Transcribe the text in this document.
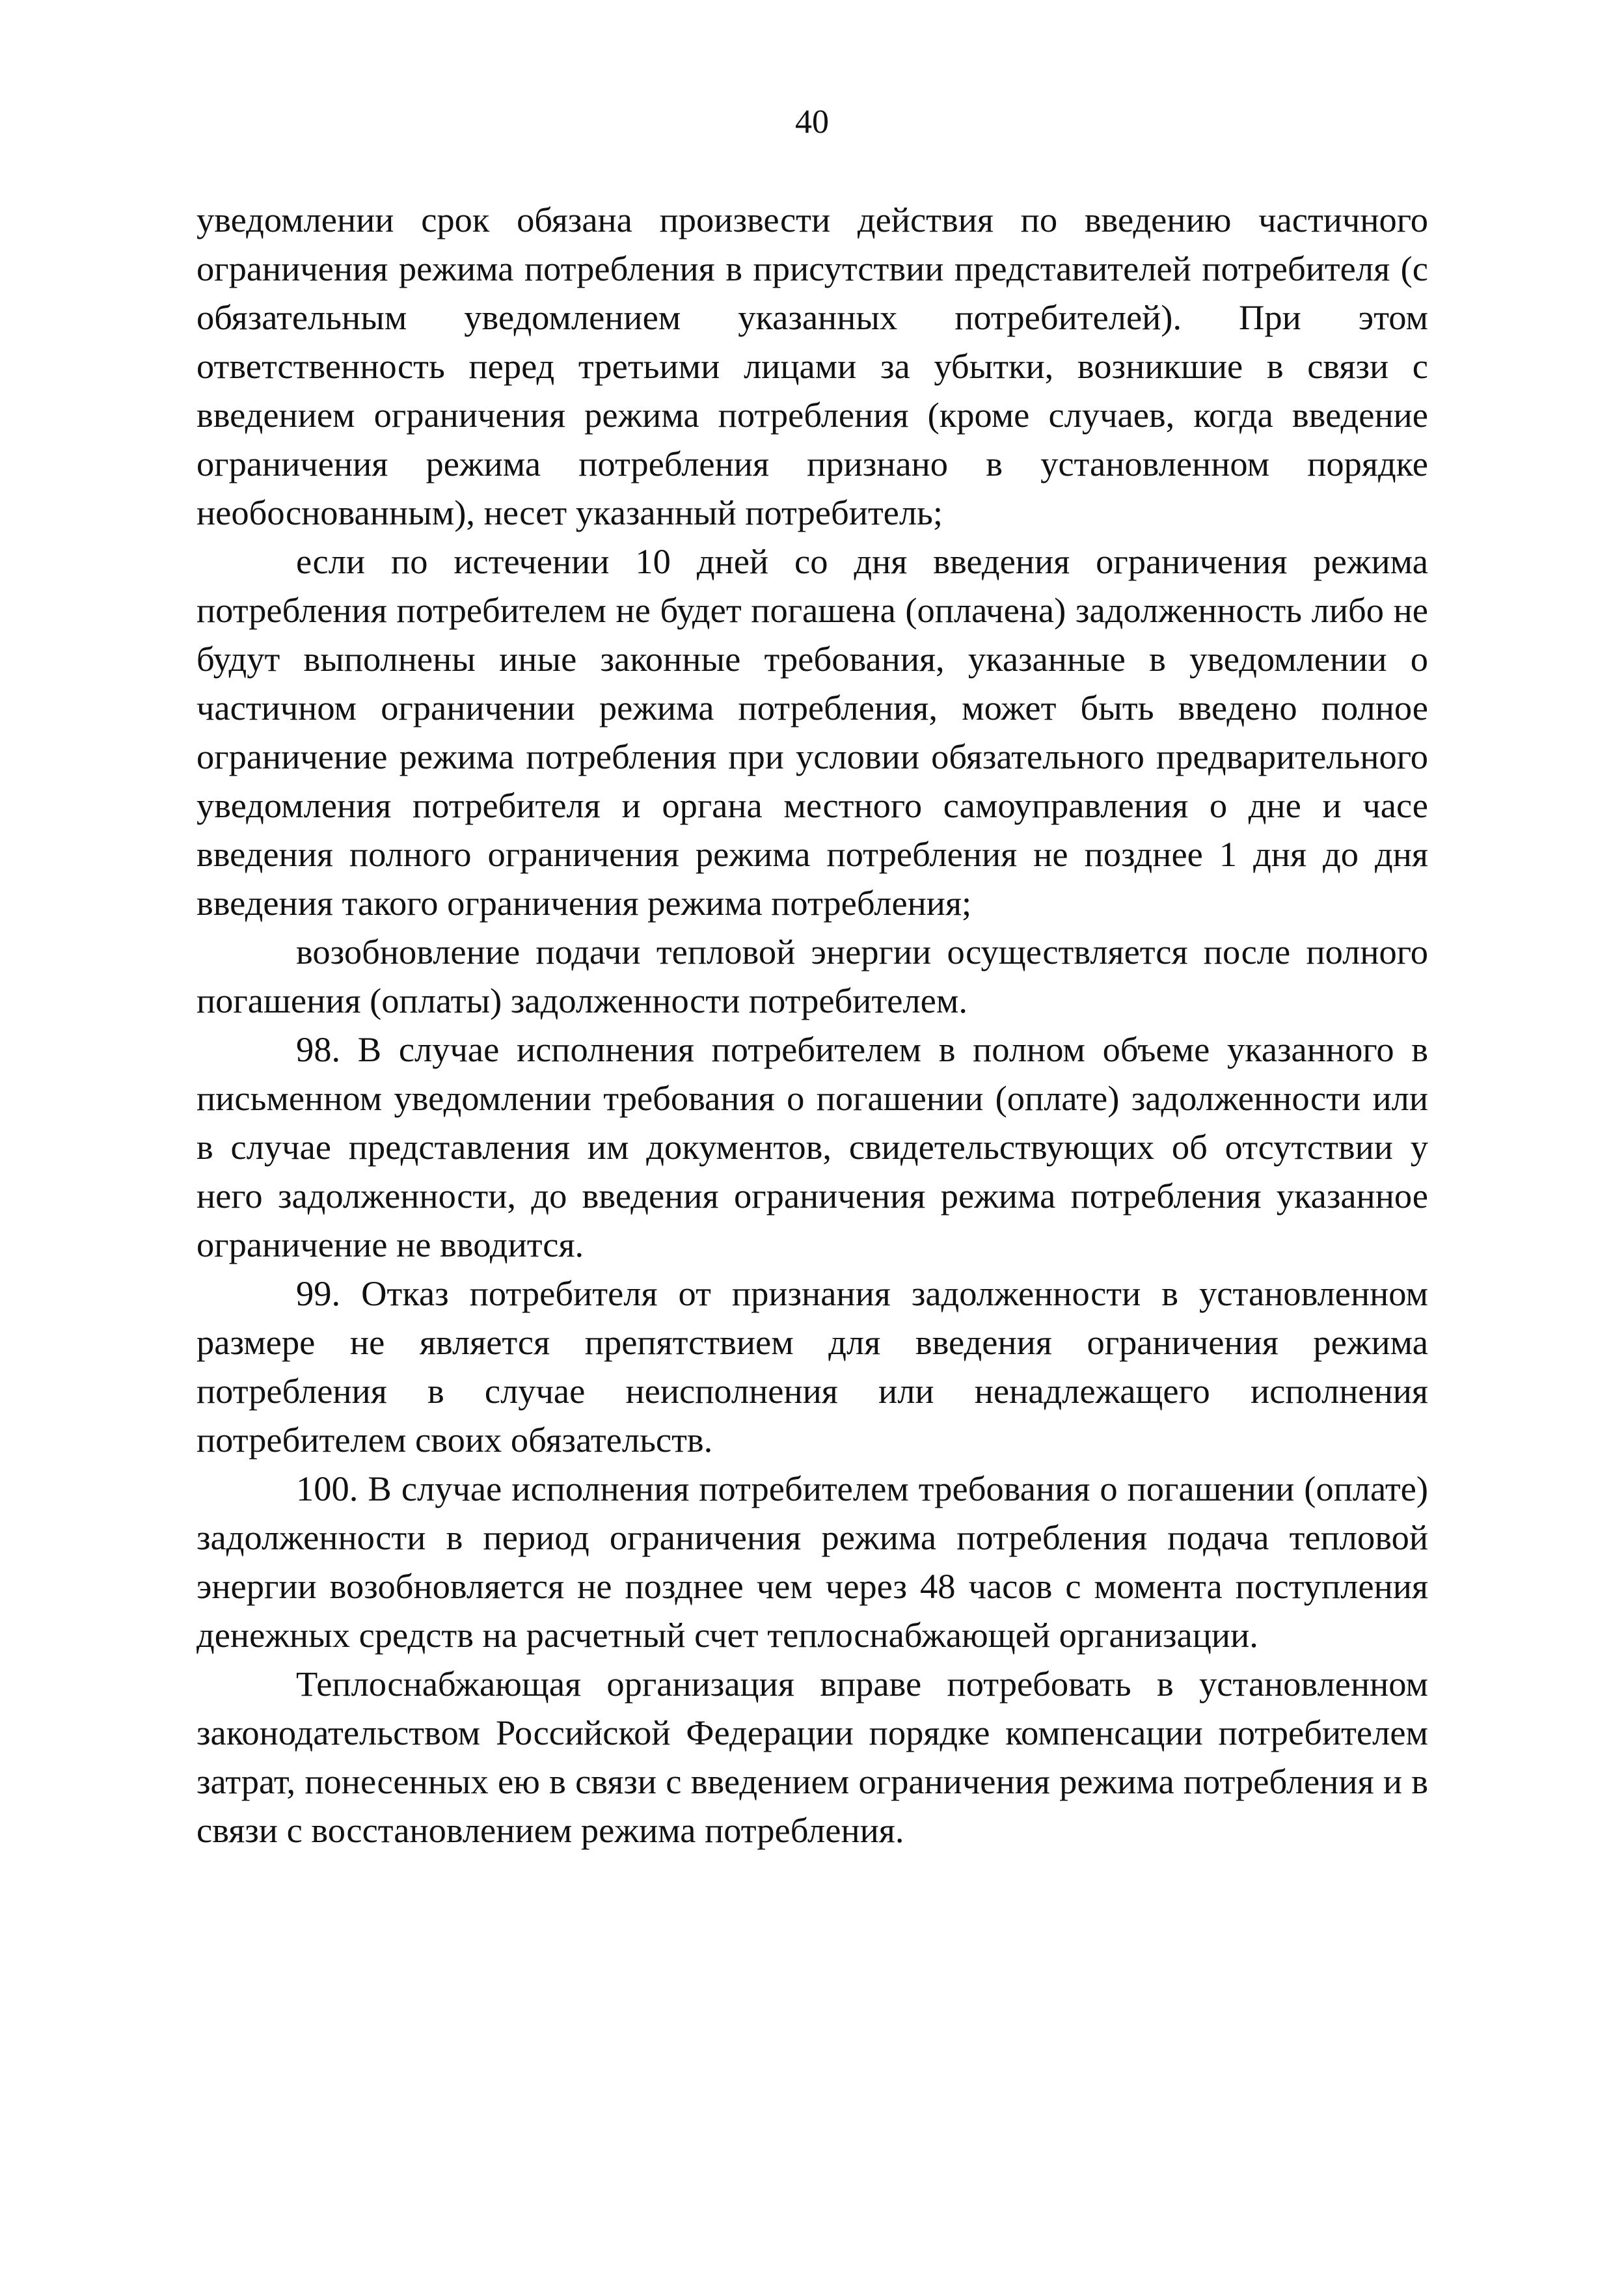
40

уведомлении срок обязана произвести действия по введению частичного ограничения режима потребления в присутствии представителей потребителя (с обязательным уведомлением указанных потребителей). При этом ответственность перед третьими лицами за убытки, возникшие в связи с введением ограничения режима потребления (кроме случаев, когда введение ограничения режима потребления признано в установленном порядке необоснованным), несет указанный потребитель;

если по истечении 10 дней со дня введения ограничения режима потребления потребителем не будет погашена (оплачена) задолженность либо не будут выполнены иные законные требования, указанные в уведомлении о частичном ограничении режима потребления, может быть введено полное ограничение режима потребления при условии обязательного предварительного уведомления потребителя и органа местного самоуправления о дне и часе введения полного ограничения режима потребления не позднее 1 дня до дня введения такого ограничения режима потребления;

возобновление подачи тепловой энергии осуществляется после полного погашения (оплаты) задолженности потребителем.

98. В случае исполнения потребителем в полном объеме указанного в письменном уведомлении требования о погашении (оплате) задолженности или в случае представления им документов, свидетельствующих об отсутствии у него задолженности, до введения ограничения режима потребления указанное ограничение не вводится.

99. Отказ потребителя от признания задолженности в установленном размере не является препятствием для введения ограничения режима потребления в случае неисполнения или ненадлежащего исполнения потребителем своих обязательств.

100. В случае исполнения потребителем требования о погашении (оплате) задолженности в период ограничения режима потребления подача тепловой энергии возобновляется не позднее чем через 48 часов с момента поступления денежных средств на расчетный счет теплоснабжающей организации.

Теплоснабжающая организация вправе потребовать в установленном законодательством Российской Федерации порядке компенсации потребителем затрат, понесенных ею в связи с введением ограничения режима потребления и в связи с восстановлением режима потребления.
